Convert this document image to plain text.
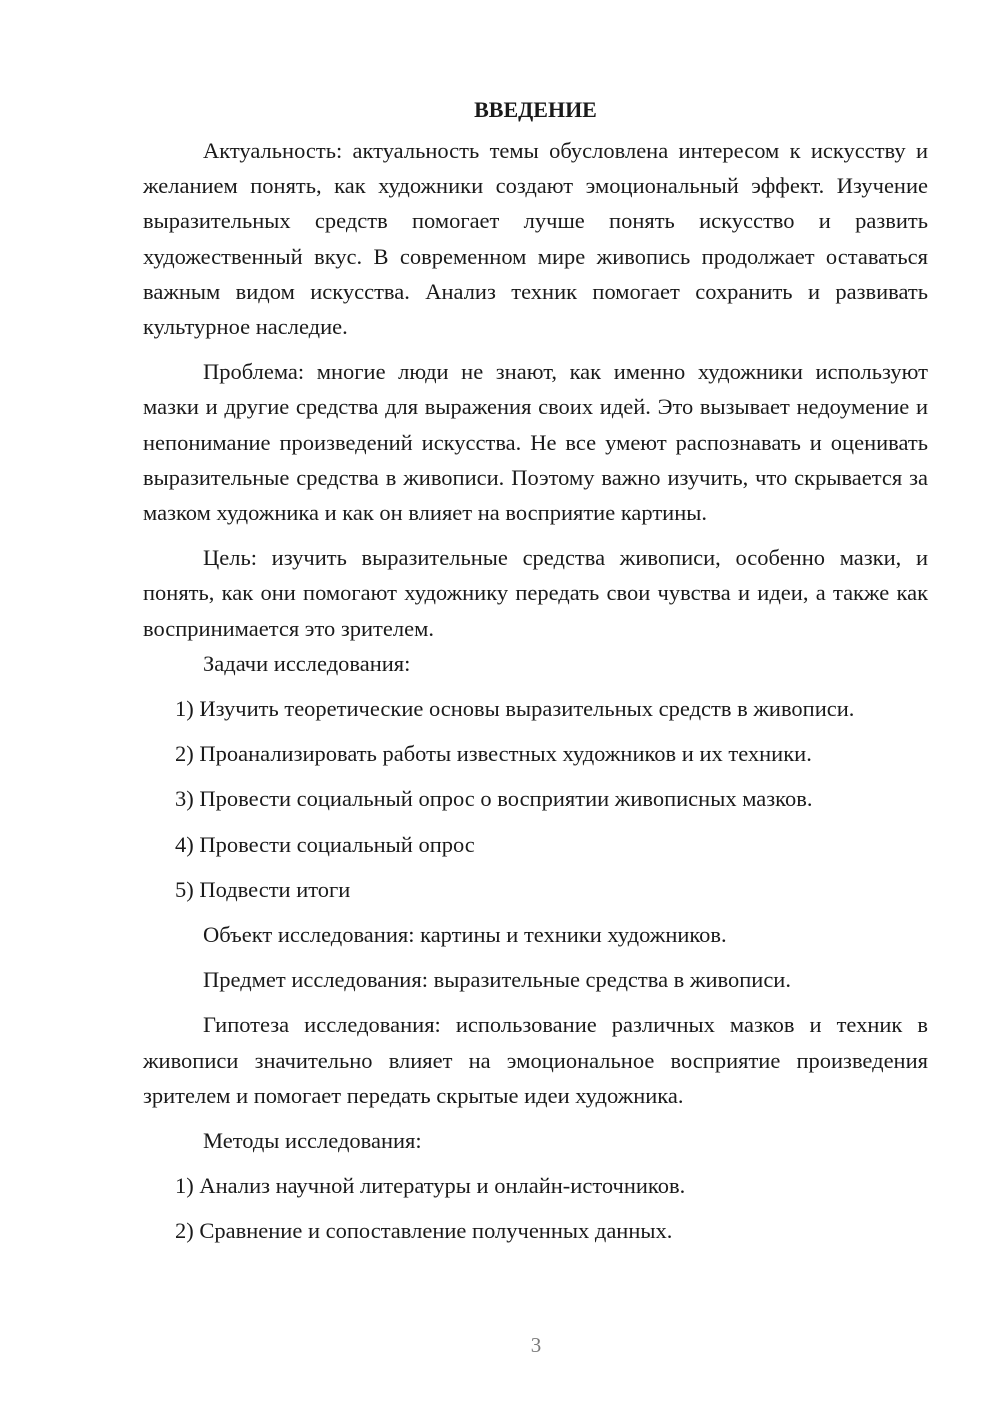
ВВЕДЕНИЕ

Актуальность: актуальность темы обусловлена интересом к искусству и желанием понять, как художники создают эмоциональный эффект. Изучение выразительных средств помогает лучше понять искусство и развить художественный вкус. В современном мире живопись продолжает оставаться важным видом искусства. Анализ техник помогает сохранить и развивать культурное наследие.

Проблема: многие люди не знают, как именно художники используют мазки и другие средства для выражения своих идей. Это вызывает недоумение и непонимание произведений искусства. Не все умеют распознавать и оценивать выразительные средства в живописи. Поэтому важно изучить, что скрывается за мазком художника и как он влияет на восприятие картины.

Цель: изучить выразительные средства живописи, особенно мазки, и понять, как они помогают художнику передать свои чувства и идеи, а также как воспринимается это зрителем.

Задачи исследования:

1) Изучить теоретические основы выразительных средств в живописи.

2) Проанализировать работы известных художников и их техники.

3) Провести социальный опрос о восприятии живописных мазков.

4) Провести социальный опрос

5) Подвести итоги

Объект исследования: картины и техники художников.

Предмет исследования: выразительные средства в живописи.

Гипотеза исследования: использование различных мазков и техник в живописи значительно влияет на эмоциональное восприятие произведения зрителем и помогает передать скрытые идеи художника.

Методы исследования:

1) Анализ научной литературы и онлайн-источников.

2) Сравнение и сопоставление полученных данных.

3
